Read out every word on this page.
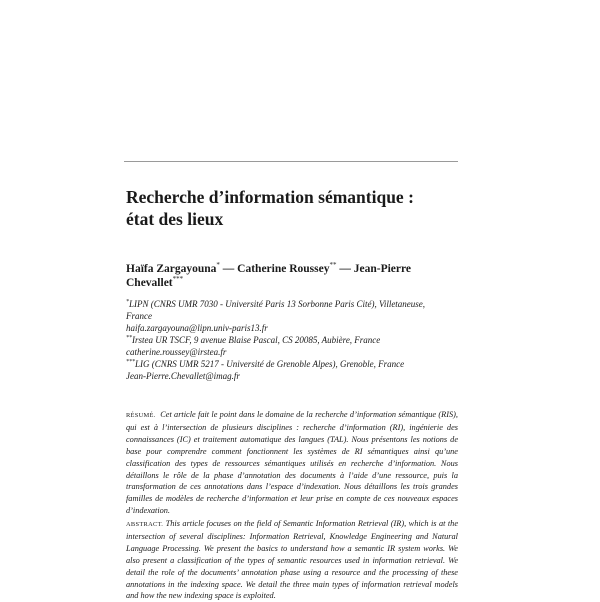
Recherche d’information sémantique :
état des lieux
Haïfa Zargayouna* — Catherine Roussey** — Jean-Pierre
Chevallet***
*LIPN (CNRS UMR 7030 - Université Paris 13 Sorbonne Paris Cité), Villetaneuse,
France
haifa.zargayouna@lipn.univ-paris13.fr
**Irstea UR TSCF, 9 avenue Blaise Pascal, CS 20085, Aubière, France
catherine.roussey@irstea.fr
***LIG (CNRS UMR 5217 - Université de Grenoble Alpes), Grenoble, France
Jean-Pierre.Chevallet@imag.fr

RÉSUMÉ. Cet article fait le point dans le domaine de la recherche d’information sémantique (RIS), qui est à l’intersection de plusieurs disciplines : recherche d’information (RI), ingénierie des connaissances (IC) et traitement automatique des langues (TAL). Nous présentons les notions de base pour comprendre comment fonctionnent les systèmes de RI sémantiques ainsi qu’une classification des types de ressources sémantiques utilisés en recherche d’information. Nous détaillons le rôle de la phase d’annotation des documents à l’aide d’une ressource, puis la transformation de ces annotations dans l’espace d’indexation. Nous détaillons les trois grandes familles de modèles de recherche d’information et leur prise en compte de ces nouveaux espaces d’indexation.

ABSTRACT. This article focuses on the field of Semantic Information Retrieval (IR), which is at the intersection of several disciplines: Information Retrieval, Knowledge Engineering and Natural Language Processing. We present the basics to understand how a semantic IR system works. We also present a classification of the types of semantic resources used in information retrieval. We detail the role of the documents’ annotation phase using a resource and the processing of these annotations in the indexing space. We detail the three main types of information retrieval models and how the new indexing space is exploited.
